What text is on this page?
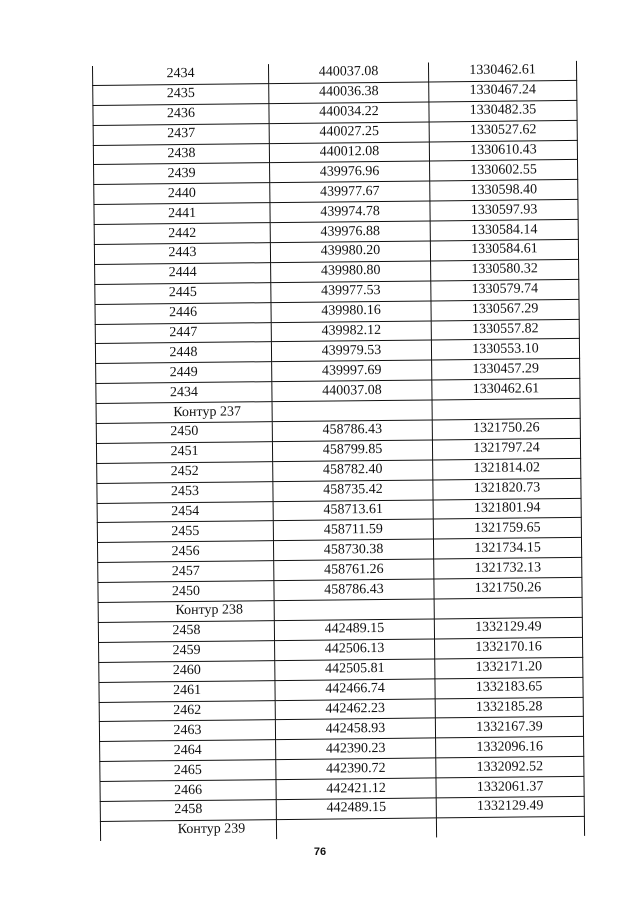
2434	440037.08	1330462.61
2435	440036.38	1330467.24
2436	440034.22	1330482.35
2437	440027.25	1330527.62
2438	440012.08	1330610.43
2439	439976.96	1330602.55
2440	439977.67	1330598.40
2441	439974.78	1330597.93
2442	439976.88	1330584.14
2443	439980.20	1330584.61
2444	439980.80	1330580.32
2445	439977.53	1330579.74
2446	439980.16	1330567.29
2447	439982.12	1330557.82
2448	439979.53	1330553.10
2449	439997.69	1330457.29
2434	440037.08	1330462.61
Контур 237		
2450	458786.43	1321750.26
2451	458799.85	1321797.24
2452	458782.40	1321814.02
2453	458735.42	1321820.73
2454	458713.61	1321801.94
2455	458711.59	1321759.65
2456	458730.38	1321734.15
2457	458761.26	1321732.13
2450	458786.43	1321750.26
Контур 238		
2458	442489.15	1332129.49
2459	442506.13	1332170.16
2460	442505.81	1332171.20
2461	442466.74	1332183.65
2462	442462.23	1332185.28
2463	442458.93	1332167.39
2464	442390.23	1332096.16
2465	442390.72	1332092.52
2466	442421.12	1332061.37
2458	442489.15	1332129.49
Контур 239		
76
